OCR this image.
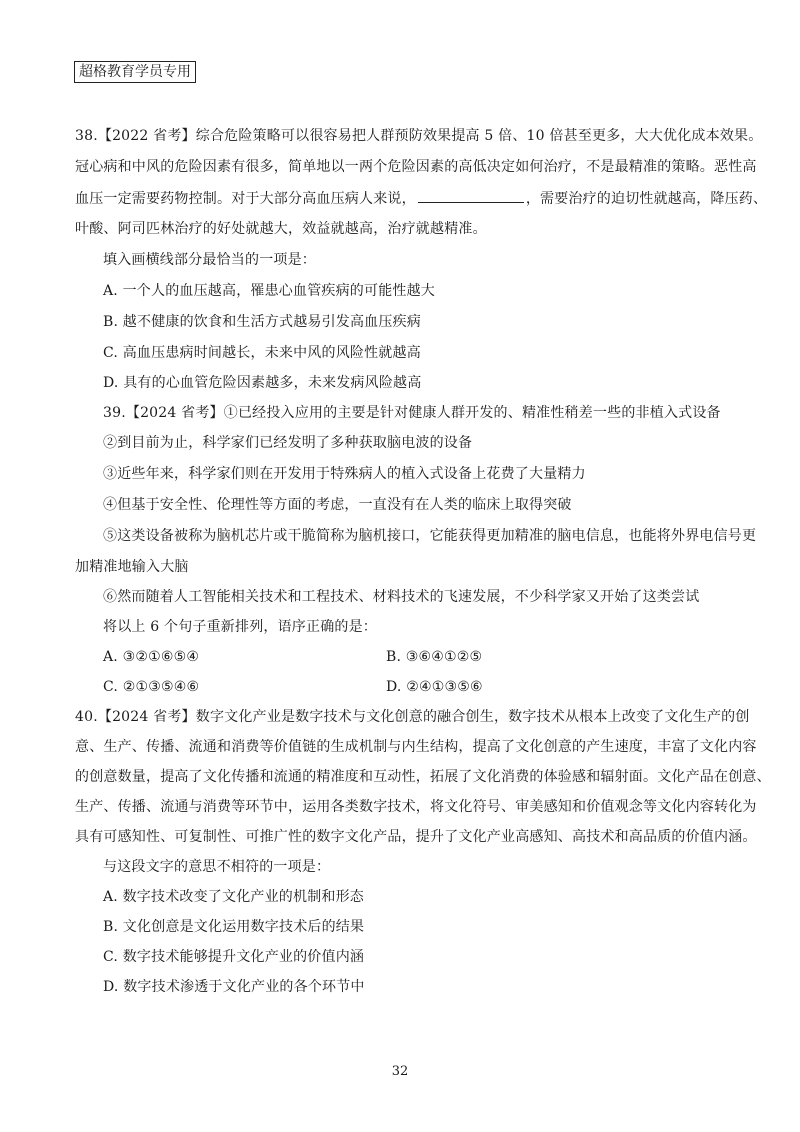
超格教育学员专用
38.【2022 省考】综合危险策略可以很容易把人群预防效果提高 5 倍、10 倍甚至更多，大大优化成本效果。
冠心病和中风的危险因素有很多，简单地以一两个危险因素的高低决定如何治疗，不是最精准的策略。恶性高
血压一定需要药物控制。对于大部分高血压病人来说，	，需要治疗的迫切性就越高，降压药、
叶酸、阿司匹林治疗的好处就越大，效益就越高，治疗就越精准。
填入画横线部分最恰当的一项是：
A. 一个人的血压越高，罹患心血管疾病的可能性越大
B. 越不健康的饮食和生活方式越易引发高血压疾病
C. 高血压患病时间越长，未来中风的风险性就越高
D. 具有的心血管危险因素越多，未来发病风险越高
39.【2024 省考】①已经投入应用的主要是针对健康人群开发的、精准性稍差一些的非植入式设备
②到目前为止，科学家们已经发明了多种获取脑电波的设备
③近些年来，科学家们则在开发用于特殊病人的植入式设备上花费了大量精力
④但基于安全性、伦理性等方面的考虑，一直没有在人类的临床上取得突破
⑤这类设备被称为脑机芯片或干脆简称为脑机接口，它能获得更加精准的脑电信息，也能将外界电信号更
加精准地输入大脑
⑥然而随着人工智能相关技术和工程技术、材料技术的飞速发展，不少科学家又开始了这类尝试
将以上 6 个句子重新排列，语序正确的是：
A. ③②①⑥⑤④	B. ③⑥④①②⑤
C. ②①③⑤④⑥	D. ②④①③⑤⑥
40.【2024 省考】数字文化产业是数字技术与文化创意的融合创生，数字技术从根本上改变了文化生产的创
意、生产、传播、流通和消费等价值链的生成机制与内生结构，提高了文化创意的产生速度，丰富了文化内容
的创意数量，提高了文化传播和流通的精准度和互动性，拓展了文化消费的体验感和辐射面。文化产品在创意、
生产、传播、流通与消费等环节中，运用各类数字技术，将文化符号、审美感知和价值观念等文化内容转化为
具有可感知性、可复制性、可推广性的数字文化产品，提升了文化产业高感知、高技术和高品质的价值内涵。
与这段文字的意思不相符的一项是：
A. 数字技术改变了文化产业的机制和形态
B. 文化创意是文化运用数字技术后的结果
C. 数字技术能够提升文化产业的价值内涵
D. 数字技术渗透于文化产业的各个环节中
32
